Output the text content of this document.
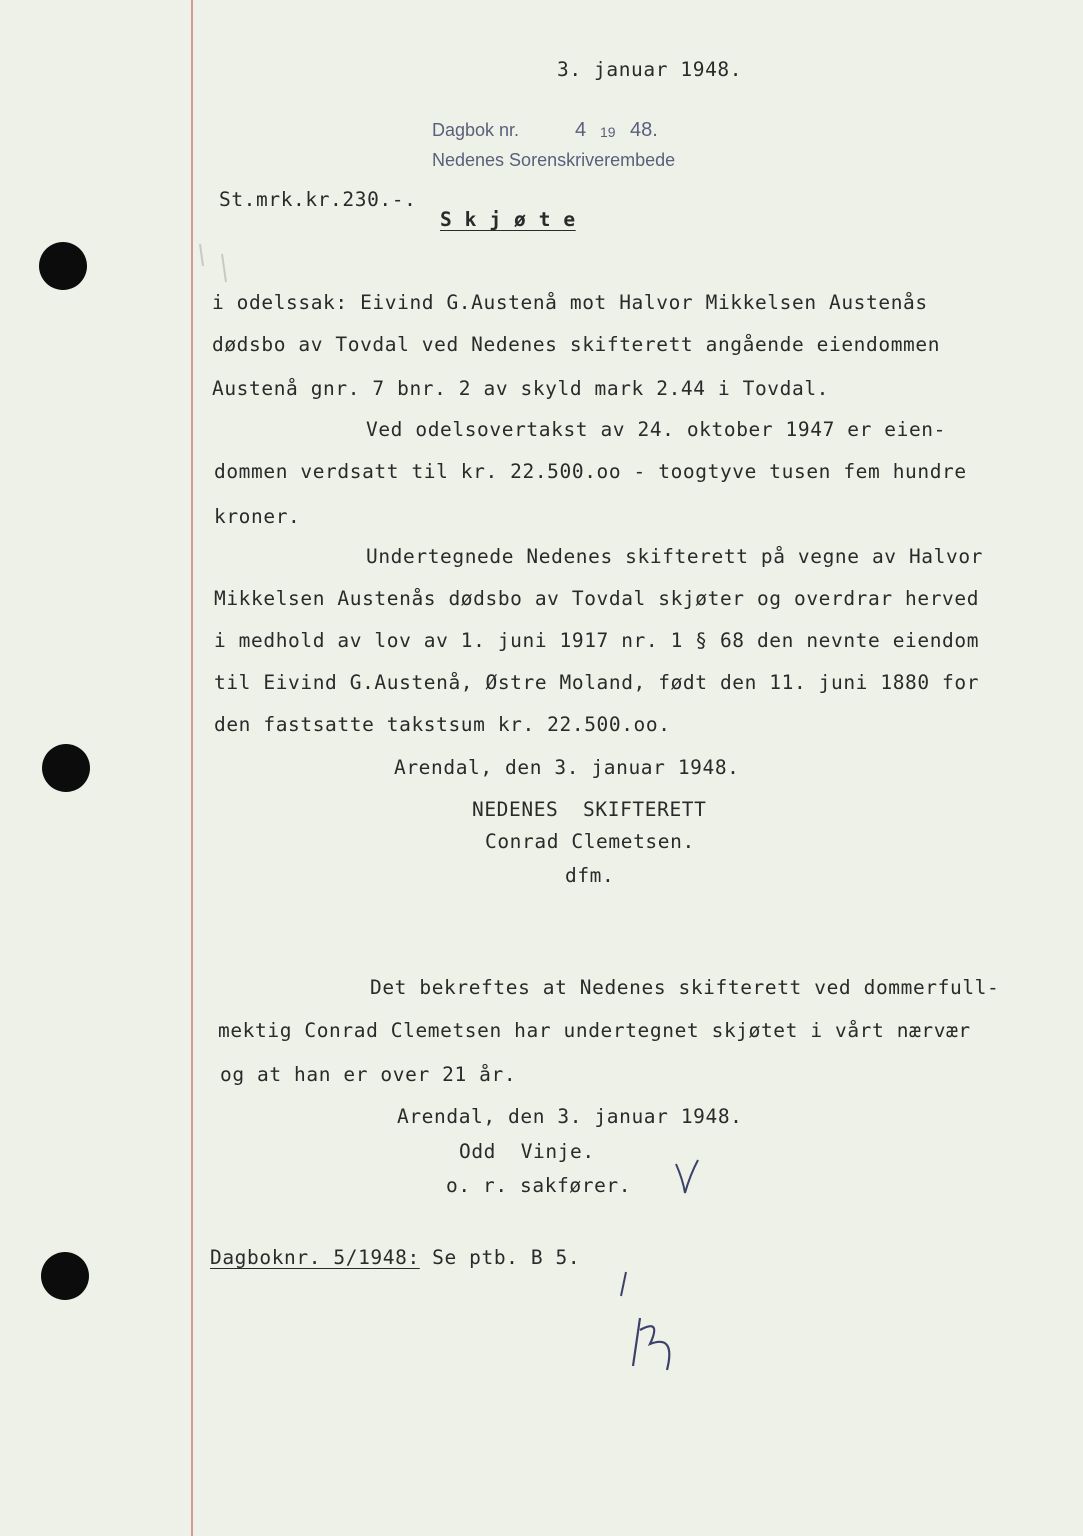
3. januar 1948.
Dagbok nr.	4 19 48.
Nedenes Sorenskriverembede
St.mrk.kr.230.-.
S k j ø t e
i odelssak: Eivind G.Austenå mot Halvor Mikkelsen Austenås
dødsbo av Tovdal ved Nedenes skifterett angående eiendommen
Austenå gnr. 7 bnr. 2 av skyld mark 2.44 i Tovdal.
Ved odelsovertakst av 24. oktober 1947 er eien-
dommen verdsatt til kr. 22.500.oo - toogtyve tusen fem hundre
kroner.
Undertegnede Nedenes skifterett på vegne av Halvor
Mikkelsen Austenås dødsbo av Tovdal skjøter og overdrar herved
i medhold av lov av 1. juni 1917 nr. 1 § 68 den nevnte eiendom
til Eivind G.Austenå, Østre Moland, født den 11. juni 1880 for
den fastsatte takstsum kr. 22.500.oo.
Arendal, den 3. januar 1948.
NEDENES  SKIFTERETT
Conrad Clemetsen.
dfm.
Det bekreftes at Nedenes skifterett ved dommerfull-
mektig Conrad Clemetsen har undertegnet skjøtet i vårt nærvær
og at han er over 21 år.
Arendal, den 3. januar 1948.
Odd  Vinje.
o. r. sakfører.
Dagboknr. 5/1948: Se ptb. B 5.
